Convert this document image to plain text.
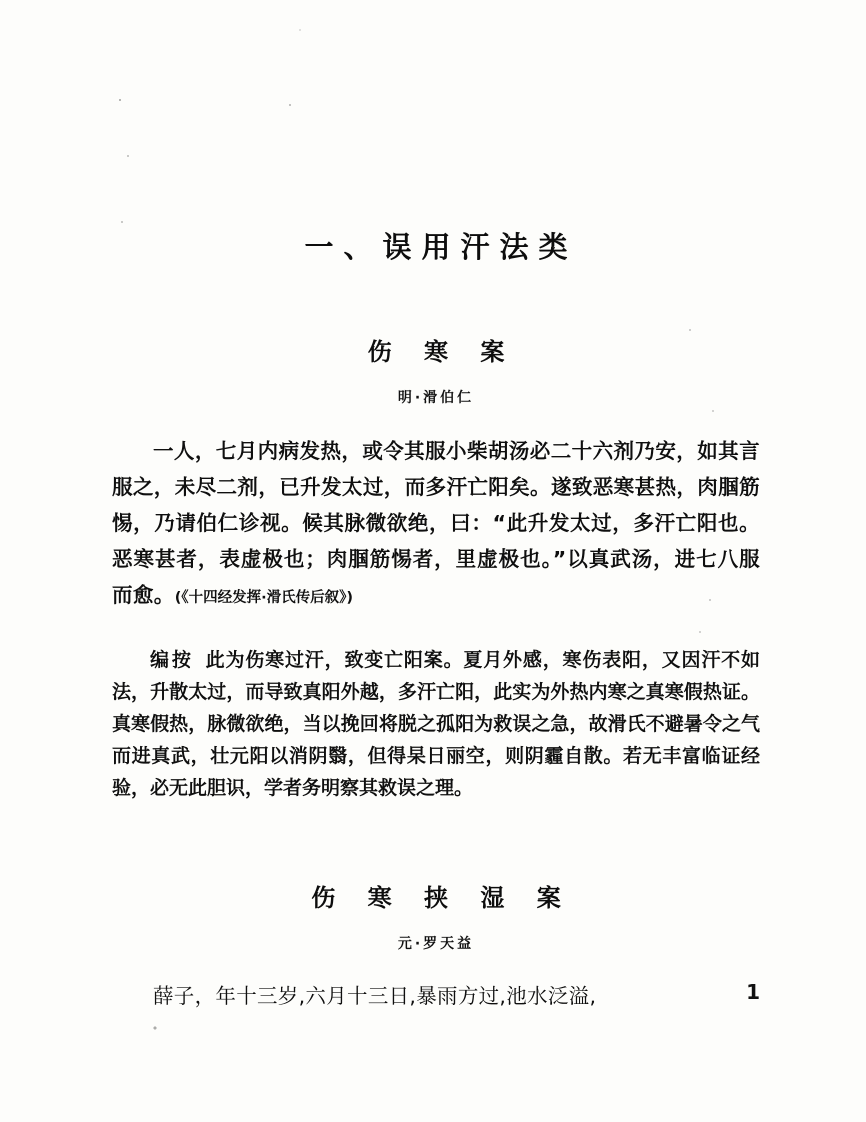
一、误用汗法类
伤 寒 案
明·滑伯仁

一人，七月内病发热，或令其服小柴胡汤必二十六剂乃安，如其言服之，未尽二剂，已升发太过，而多汗亡阳矣。遂致恶寒甚热，肉腘筋惕，乃请伯仁诊视。候其脉微欲绝，曰：“此升发太过，多汗亡阳也。恶寒甚者，表虚极也；肉腘筋惕者，里虚极也。”以真武汤，进七八服而愈。(《十四经发挥·滑氏传后叙》)

编按 此为伤寒过汗，致变亡阳案。夏月外感，寒伤表阳，又因汗不如法，升散太过，而导致真阳外越，多汗亡阳，此实为外热内寒之真寒假热证。真寒假热，脉微欲绝，当以挽回将脱之孤阳为救误之急，故滑氏不避暑令之气而进真武，壮元阳以消阴翳，但得杲日丽空，则阴霾自散。若无丰富临证经验，必无此胆识，学者务明察其救误之理。

伤 寒 挟 湿 案
元·罗天益

薛子，年十三岁,六月十三日,暴雨方过,池水泛溢,	1
